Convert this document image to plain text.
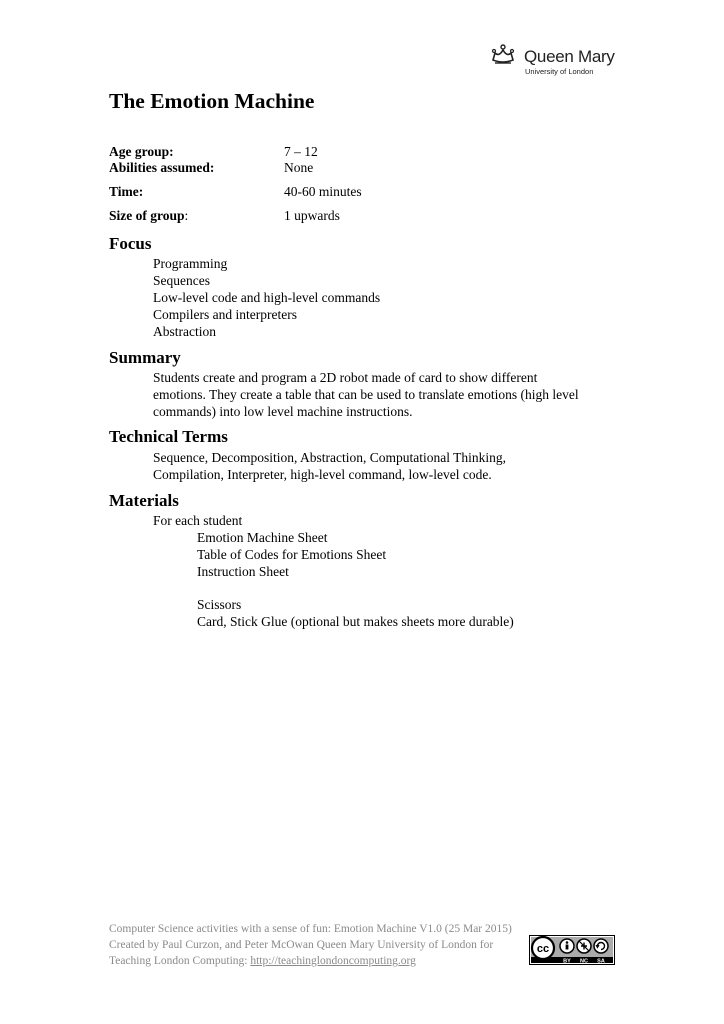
Queen Mary
University of London
The Emotion Machine
Age group:	7 – 12
Abilities assumed:	None
Time:	40-60 minutes
Size of group:	1 upwards
Focus
Programming
Sequences
Low-level code and high-level commands
Compilers and interpreters
Abstraction
Summary
Students create and program a 2D robot made of card to show different
emotions. They create a table that can be used to translate emotions (high level
commands) into low level machine instructions.
Technical Terms
Sequence, Decomposition, Abstraction, Computational Thinking,
Compilation, Interpreter, high-level command, low-level code.
Materials
For each student
Emotion Machine Sheet
Table of Codes for Emotions Sheet
Instruction Sheet
Scissors
Card, Stick Glue (optional but makes sheets more durable)
Computer Science activities with a sense of fun: Emotion Machine V1.0 (25 Mar 2015)
Created by Paul Curzon, and Peter McOwan Queen Mary University of London for
Teaching London Computing: http://teachinglondoncomputing.org
cc
BY NC SA
